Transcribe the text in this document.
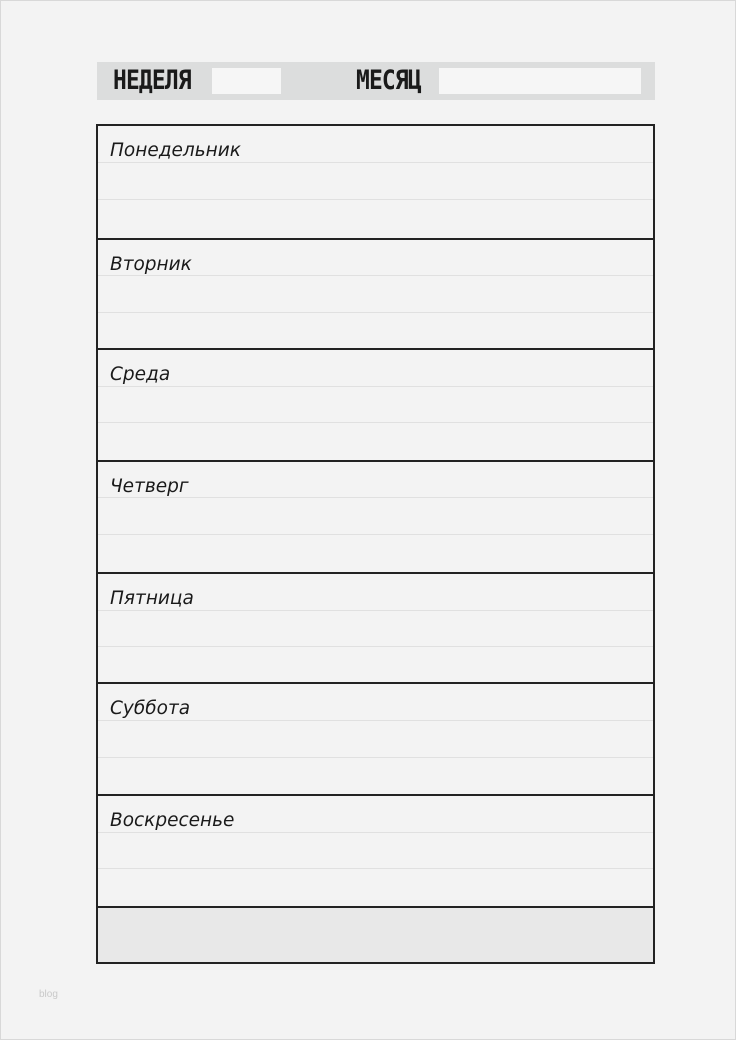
НЕДЕЛЯ	МЕСЯЦ
Понедельник
Вторник
Среда
Четверг
Пятница
Суббота
Воскресенье
blog
